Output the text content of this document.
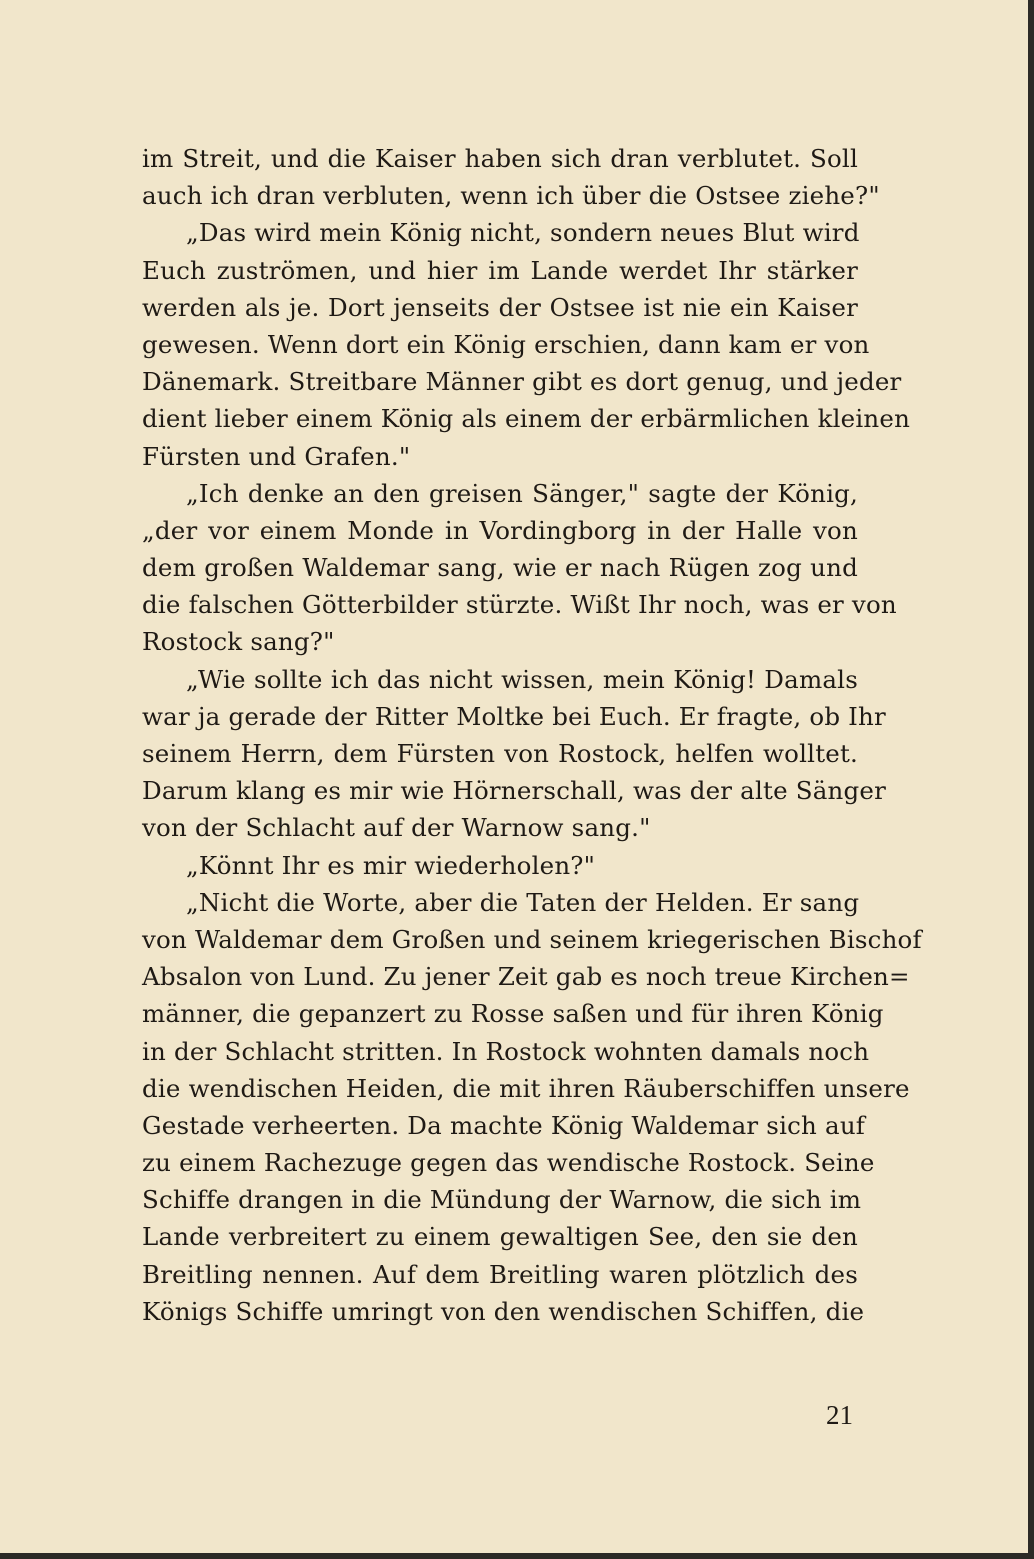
im Streit, und die Kaiser haben sich dran verblutet. Soll
auch ich dran verbluten, wenn ich über die Ostsee ziehe?"
„Das wird mein König nicht, sondern neues Blut wird
Euch zuströmen, und hier im Lande werdet Ihr stärker
werden als je. Dort jenseits der Ostsee ist nie ein Kaiser
gewesen. Wenn dort ein König erschien, dann kam er von
Dänemark. Streitbare Männer gibt es dort genug, und jeder
dient lieber einem König als einem der erbärmlichen kleinen
Fürsten und Grafen."
„Ich denke an den greisen Sänger," sagte der König,
„der vor einem Monde in Vordingborg in der Halle von
dem großen Waldemar sang, wie er nach Rügen zog und
die falschen Götterbilder stürzte. Wißt Ihr noch, was er von
Rostock sang?"
„Wie sollte ich das nicht wissen, mein König! Damals
war ja gerade der Ritter Moltke bei Euch. Er fragte, ob Ihr
seinem Herrn, dem Fürsten von Rostock, helfen wolltet.
Darum klang es mir wie Hörnerschall, was der alte Sänger
von der Schlacht auf der Warnow sang."
„Könnt Ihr es mir wiederholen?"
„Nicht die Worte, aber die Taten der Helden. Er sang
von Waldemar dem Großen und seinem kriegerischen Bischof
Absalon von Lund. Zu jener Zeit gab es noch treue Kirchen=
männer, die gepanzert zu Rosse saßen und für ihren König
in der Schlacht stritten. In Rostock wohnten damals noch
die wendischen Heiden, die mit ihren Räuberschiffen unsere
Gestade verheerten. Da machte König Waldemar sich auf
zu einem Rachezuge gegen das wendische Rostock. Seine
Schiffe drangen in die Mündung der Warnow, die sich im
Lande verbreitert zu einem gewaltigen See, den sie den
Breitling nennen. Auf dem Breitling waren plötzlich des
Königs Schiffe umringt von den wendischen Schiffen, die
21
